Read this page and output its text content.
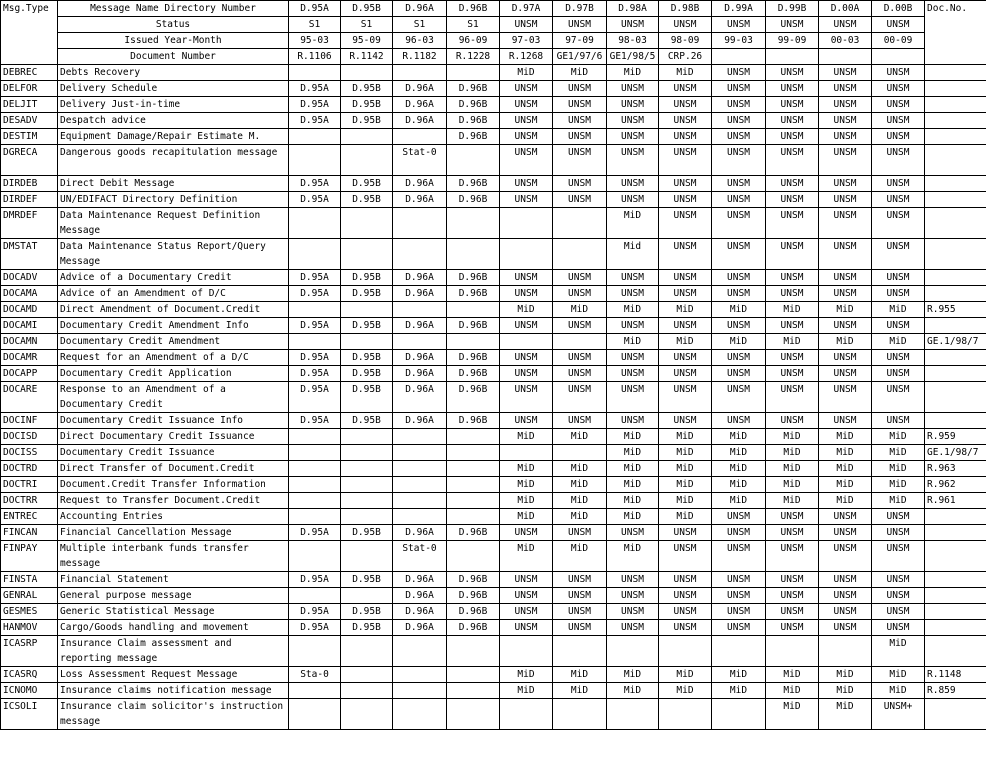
Msg.Type	Message Name Directory Number	D.95A	D.95B	D.96A	D.96B	D.97A	D.97B	D.98A	D.98B	D.99A	D.99B	D.00A	D.00B	Doc.No.
	Status	S1	S1	S1	S1	UNSM	UNSM	UNSM	UNSM	UNSM	UNSM	UNSM	UNSM	
	Issued Year-Month	95-03	95-09	96-03	96-09	97-03	97-09	98-03	98-09	99-03	99-09	00-03	00-09	
	Document Number	R.1106	R.1142	R.1182	R.1228	R.1268	GE1/97/6	GE1/98/5	CRP.26					
DEBREC	Debts Recovery					MiD	MiD	MiD	MiD	UNSM	UNSM	UNSM	UNSM	
DELFOR	Delivery Schedule	D.95A	D.95B	D.96A	D.96B	UNSM	UNSM	UNSM	UNSM	UNSM	UNSM	UNSM	UNSM	
DELJIT	Delivery Just-in-time	D.95A	D.95B	D.96A	D.96B	UNSM	UNSM	UNSM	UNSM	UNSM	UNSM	UNSM	UNSM	
DESADV	Despatch advice	D.95A	D.95B	D.96A	D.96B	UNSM	UNSM	UNSM	UNSM	UNSM	UNSM	UNSM	UNSM	
DESTIM	Equipment Damage/Repair Estimate M.				D.96B	UNSM	UNSM	UNSM	UNSM	UNSM	UNSM	UNSM	UNSM	
DGRECA	Dangerous goods recapitulation message			Stat-0		UNSM	UNSM	UNSM	UNSM	UNSM	UNSM	UNSM	UNSM	
DIRDEB	Direct Debit Message	D.95A	D.95B	D.96A	D.96B	UNSM	UNSM	UNSM	UNSM	UNSM	UNSM	UNSM	UNSM	
DIRDEF	UN/EDIFACT Directory Definition	D.95A	D.95B	D.96A	D.96B	UNSM	UNSM	UNSM	UNSM	UNSM	UNSM	UNSM	UNSM	
DMRDEF	Data Maintenance Request Definition Message							MiD	UNSM	UNSM	UNSM	UNSM	UNSM	
DMSTAT	Data Maintenance Status Report/Query Message							Mid	UNSM	UNSM	UNSM	UNSM	UNSM	
DOCADV	Advice of a Documentary Credit	D.95A	D.95B	D.96A	D.96B	UNSM	UNSM	UNSM	UNSM	UNSM	UNSM	UNSM	UNSM	
DOCAMA	Advice of an Amendment of D/C	D.95A	D.95B	D.96A	D.96B	UNSM	UNSM	UNSM	UNSM	UNSM	UNSM	UNSM	UNSM	
DOCAMD	Direct Amendment of Document.Credit					MiD	MiD	MiD	MiD	MiD	MiD	MiD	MiD	R.955
DOCAMI	Documentary Credit Amendment Info	D.95A	D.95B	D.96A	D.96B	UNSM	UNSM	UNSM	UNSM	UNSM	UNSM	UNSM	UNSM	
DOCAMN	Documentary Credit Amendment							MiD	MiD	MiD	MiD	MiD	MiD	GE.1/98/7
DOCAMR	Request for an Amendment of a D/C	D.95A	D.95B	D.96A	D.96B	UNSM	UNSM	UNSM	UNSM	UNSM	UNSM	UNSM	UNSM	
DOCAPP	Documentary Credit Application	D.95A	D.95B	D.96A	D.96B	UNSM	UNSM	UNSM	UNSM	UNSM	UNSM	UNSM	UNSM	
DOCARE	Response to an Amendment of a Documentary Credit	D.95A	D.95B	D.96A	D.96B	UNSM	UNSM	UNSM	UNSM	UNSM	UNSM	UNSM	UNSM	
DOCINF	Documentary Credit Issuance Info	D.95A	D.95B	D.96A	D.96B	UNSM	UNSM	UNSM	UNSM	UNSM	UNSM	UNSM	UNSM	
DOCISD	Direct Documentary Credit Issuance					MiD	MiD	MiD	MiD	MiD	MiD	MiD	MiD	R.959
DOCISS	Documentary Credit Issuance							MiD	MiD	MiD	MiD	MiD	MiD	GE.1/98/7
DOCTRD	Direct Transfer of Document.Credit					MiD	MiD	MiD	MiD	MiD	MiD	MiD	MiD	R.963
DOCTRI	Document.Credit Transfer Information					MiD	MiD	MiD	MiD	MiD	MiD	MiD	MiD	R.962
DOCTRR	Request to Transfer Document.Credit					MiD	MiD	MiD	MiD	MiD	MiD	MiD	MiD	R.961
ENTREC	Accounting Entries					MiD	MiD	MiD	MiD	UNSM	UNSM	UNSM	UNSM	
FINCAN	Financial Cancellation Message	D.95A	D.95B	D.96A	D.96B	UNSM	UNSM	UNSM	UNSM	UNSM	UNSM	UNSM	UNSM	
FINPAY	Multiple interbank funds transfer message			Stat-0		MiD	MiD	MiD	UNSM	UNSM	UNSM	UNSM	UNSM	
FINSTA	Financial Statement	D.95A	D.95B	D.96A	D.96B	UNSM	UNSM	UNSM	UNSM	UNSM	UNSM	UNSM	UNSM	
GENRAL	General purpose message			D.96A	D.96B	UNSM	UNSM	UNSM	UNSM	UNSM	UNSM	UNSM	UNSM	
GESMES	Generic Statistical Message	D.95A	D.95B	D.96A	D.96B	UNSM	UNSM	UNSM	UNSM	UNSM	UNSM	UNSM	UNSM	
HANMOV	Cargo/Goods handling and movement	D.95A	D.95B	D.96A	D.96B	UNSM	UNSM	UNSM	UNSM	UNSM	UNSM	UNSM	UNSM	
ICASRP	Insurance Claim assessment and reporting message												MiD	
ICASRQ	Loss Assessment Request Message	Sta-0				MiD	MiD	MiD	MiD	MiD	MiD	MiD	MiD	R.1148
ICNOMO	Insurance claims notification message					MiD	MiD	MiD	MiD	MiD	MiD	MiD	MiD	R.859
ICSOLI	Insurance claim solicitor's instruction message										MiD	MiD	UNSM+	
